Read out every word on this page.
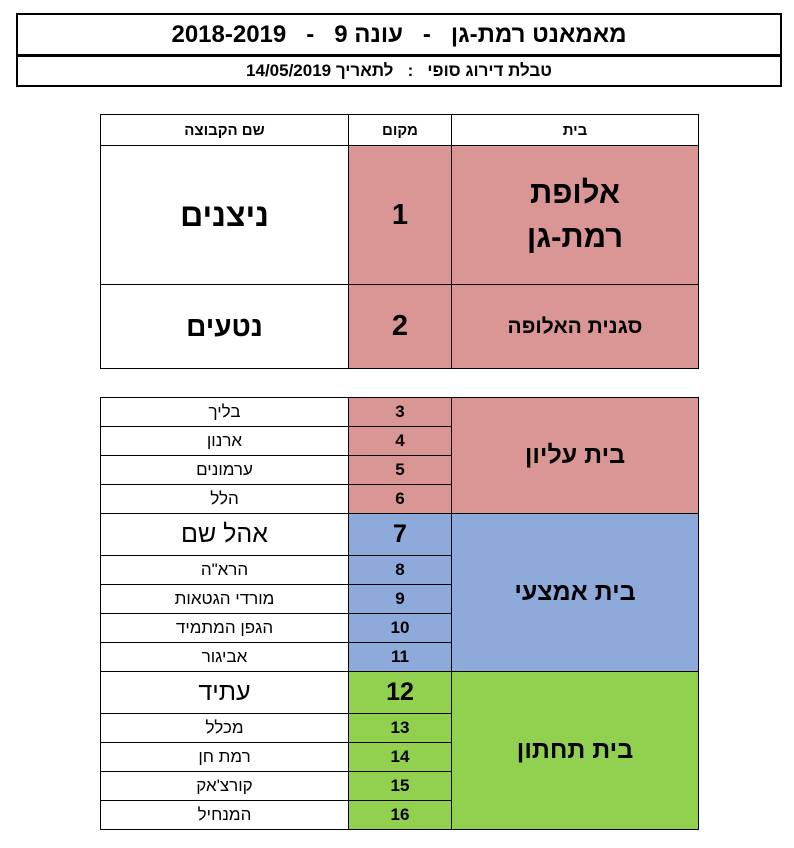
מאמאנט רמת-גן   -   עונה 9   -   2018-2019
טבלת דירוג סופי   :   לתאריך 14/05/2019
בית	מקום	שם הקבוצה

אלופת
רמת-גן	1	ניצנים
סגנית האלופה	2	נטעים
בית עליון	3	בליך
	4	ארנון
	5	ערמונים
	6	הלל
בית אמצעי	7	אהל שם
	8	הרא"ה
	9	מורדי הגטאות
	10	הגפן המתמיד
	11	אביגור
בית תחתון	12	עתיד
	13	מכלל
	14	רמת חן
	15	קורצ'אק
	16	המנחיל
